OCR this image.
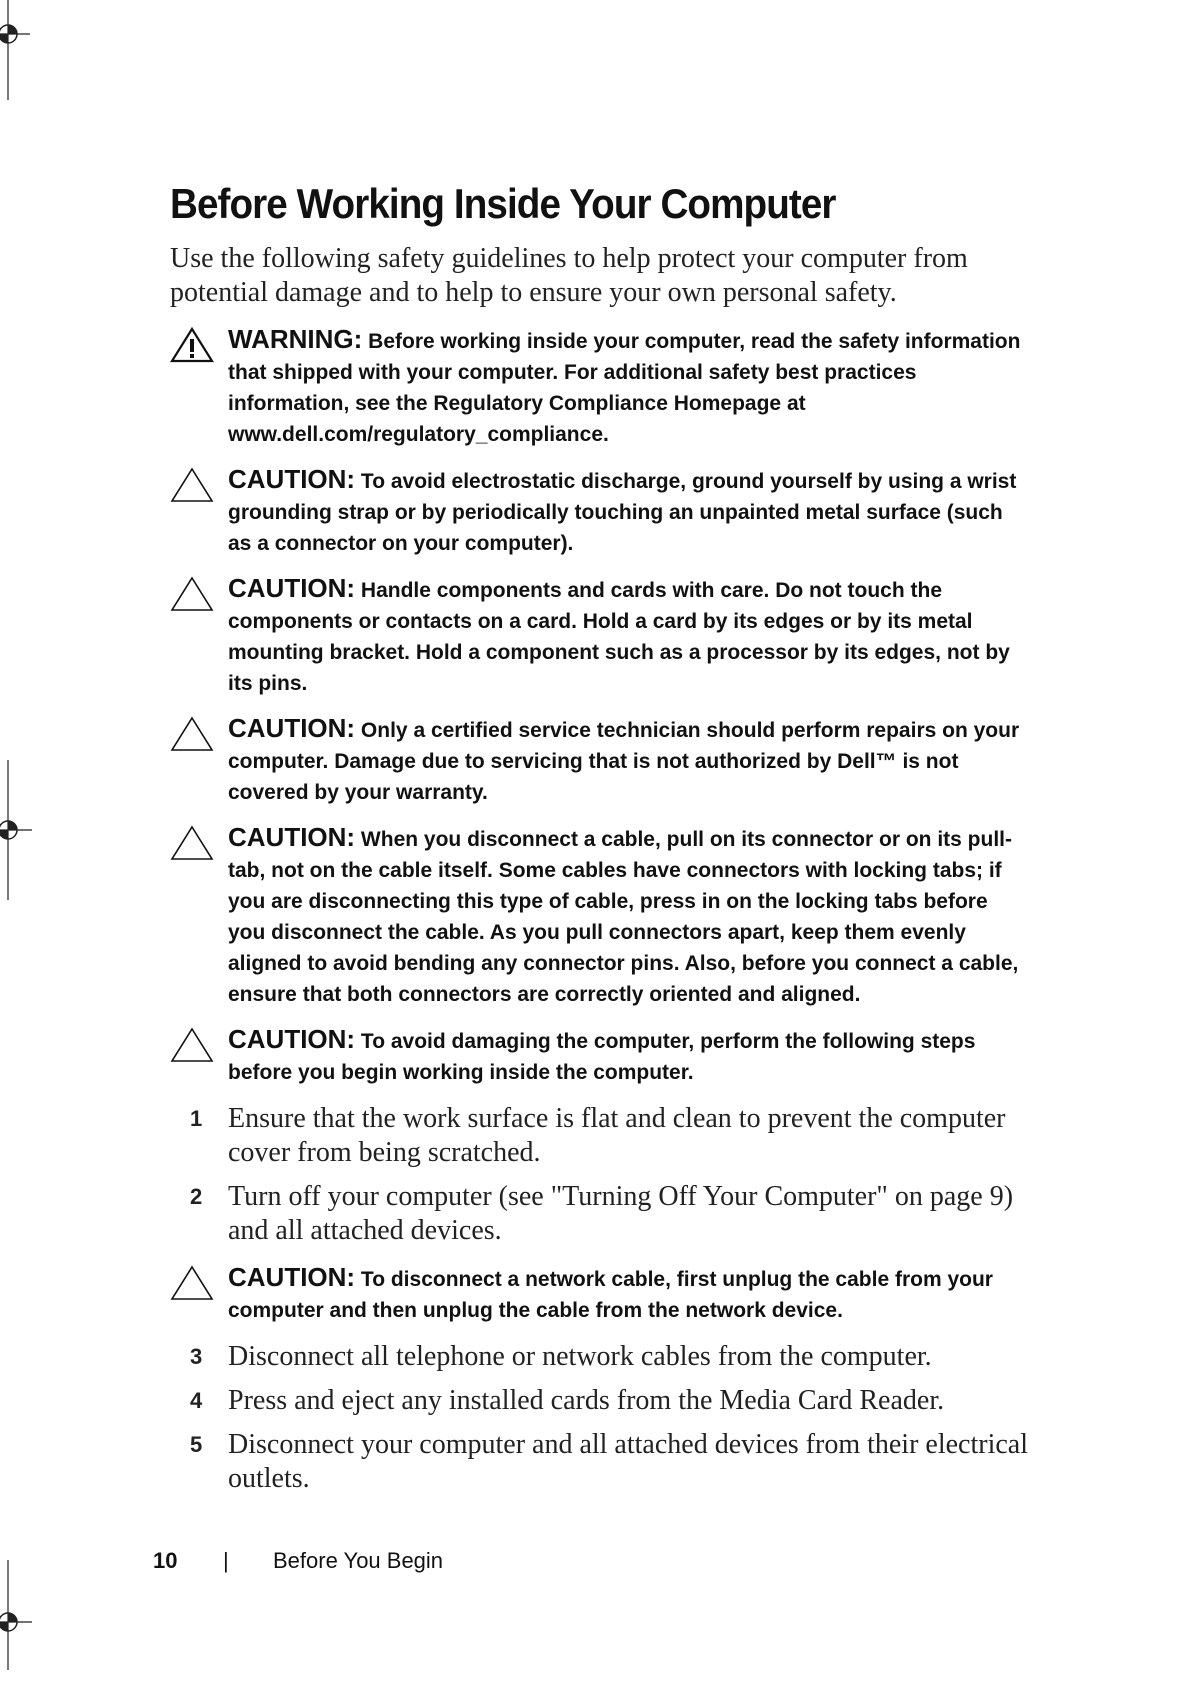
Before Working Inside Your Computer

Use the following safety guidelines to help protect your computer from potential damage and to help to ensure your own personal safety.

WARNING: Before working inside your computer, read the safety information that shipped with your computer. For additional safety best practices information, see the Regulatory Compliance Homepage at www.dell.com/regulatory_compliance.
CAUTION: To avoid electrostatic discharge, ground yourself by using a wrist grounding strap or by periodically touching an unpainted metal surface (such as a connector on your computer).
CAUTION: Handle components and cards with care. Do not touch the components or contacts on a card. Hold a card by its edges or by its metal mounting bracket. Hold a component such as a processor by its edges, not by its pins.
CAUTION: Only a certified service technician should perform repairs on your computer. Damage due to servicing that is not authorized by Dell™ is not covered by your warranty.
CAUTION: When you disconnect a cable, pull on its connector or on its pull-tab, not on the cable itself. Some cables have connectors with locking tabs; if you are disconnecting this type of cable, press in on the locking tabs before you disconnect the cable. As you pull connectors apart, keep them evenly aligned to avoid bending any connector pins. Also, before you connect a cable, ensure that both connectors are correctly oriented and aligned.
CAUTION: To avoid damaging the computer, perform the following steps before you begin working inside the computer.
1 Ensure that the work surface is flat and clean to prevent the computer cover from being scratched.
2 Turn off your computer (see "Turning Off Your Computer" on page 9) and all attached devices.
CAUTION: To disconnect a network cable, first unplug the cable from your computer and then unplug the cable from the network device.
3 Disconnect all telephone or network cables from the computer.
4 Press and eject any installed cards from the Media Card Reader.
5 Disconnect your computer and all attached devices from their electrical outlets.
10 | Before You Begin
